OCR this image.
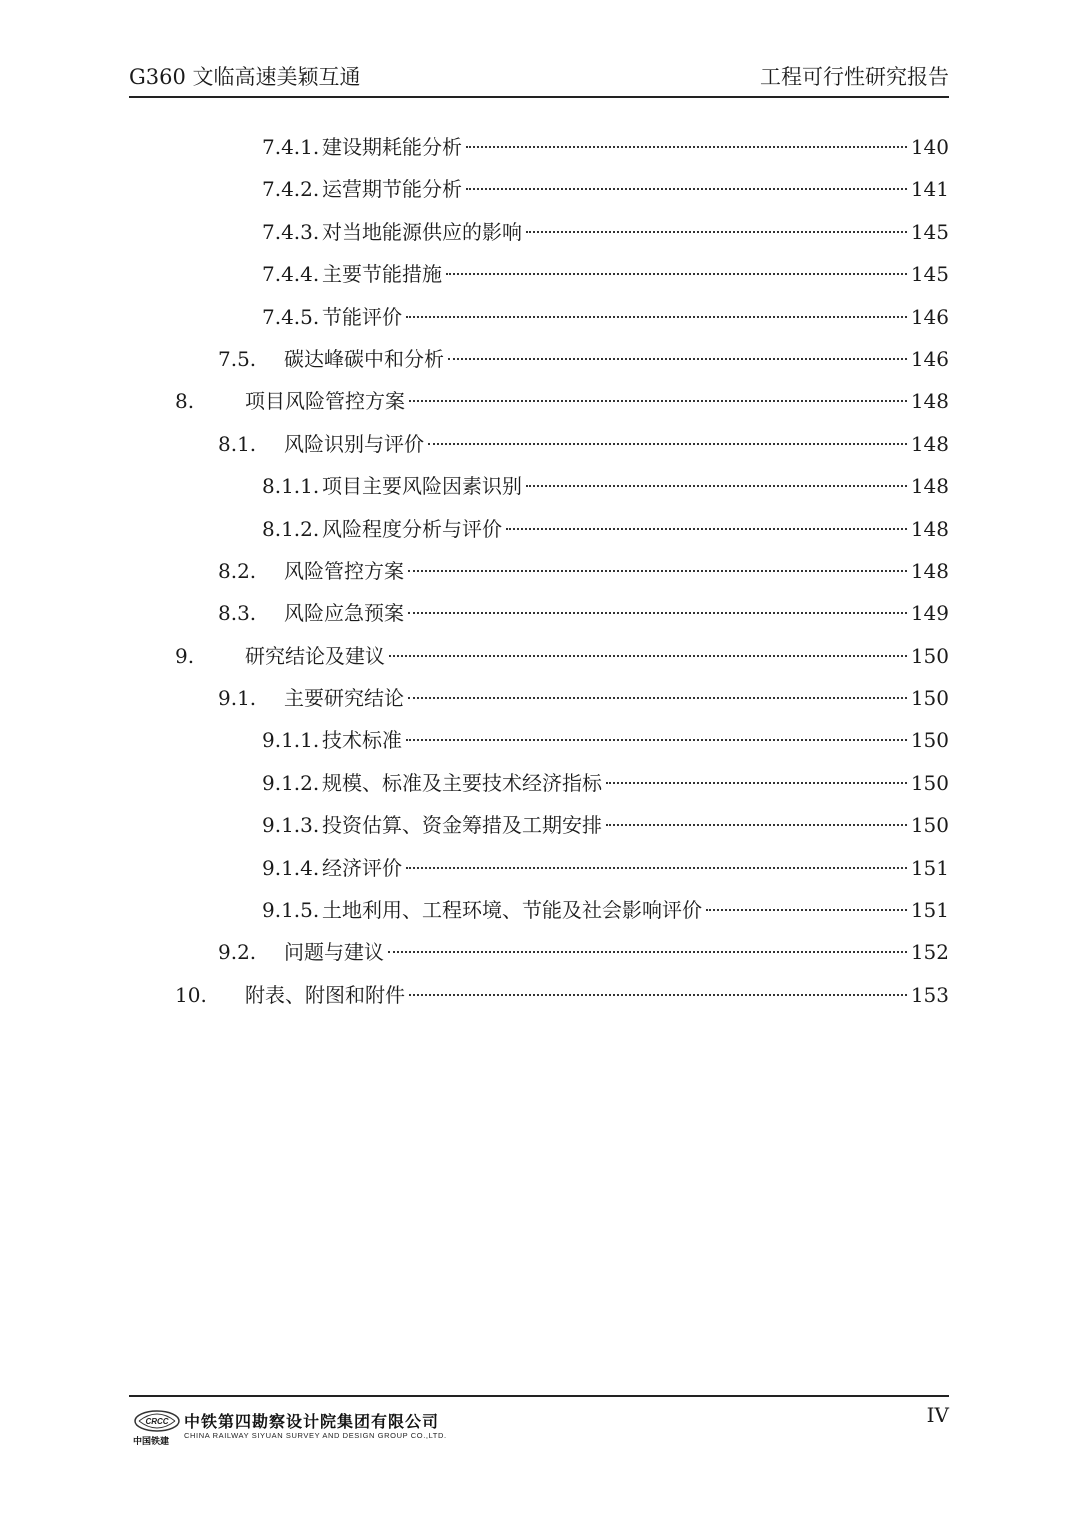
G360 文临高速美颖互通	工程可行性研究报告
7.4.1. 建设期耗能分析	140
7.4.2. 运营期节能分析	141
7.4.3. 对当地能源供应的影响	145
7.4.4. 主要节能措施	145
7.4.5. 节能评价	146
7.5. 碳达峰碳中和分析	146
8.	项目风险管控方案	148
8.1. 风险识别与评价	148
8.1.1. 项目主要风险因素识别	148
8.1.2. 风险程度分析与评价	148
8.2. 风险管控方案	148
8.3. 风险应急预案	149
9.	研究结论及建议	150
9.1. 主要研究结论	150
9.1.1. 技术标准	150
9.1.2. 规模、标准及主要技术经济指标	150
9.1.3. 投资估算、资金筹措及工期安排	150
9.1.4. 经济评价	151
9.1.5. 土地利用、工程环境、节能及社会影响评价	151
9.2. 问题与建议	152
10. 附表、附图和附件	153
CRCC
中国铁建
中铁第四勘察设计院集团有限公司
CHINA RAILWAY SIYUAN SURVEY AND DESIGN GROUP CO.,LTD.
IV
